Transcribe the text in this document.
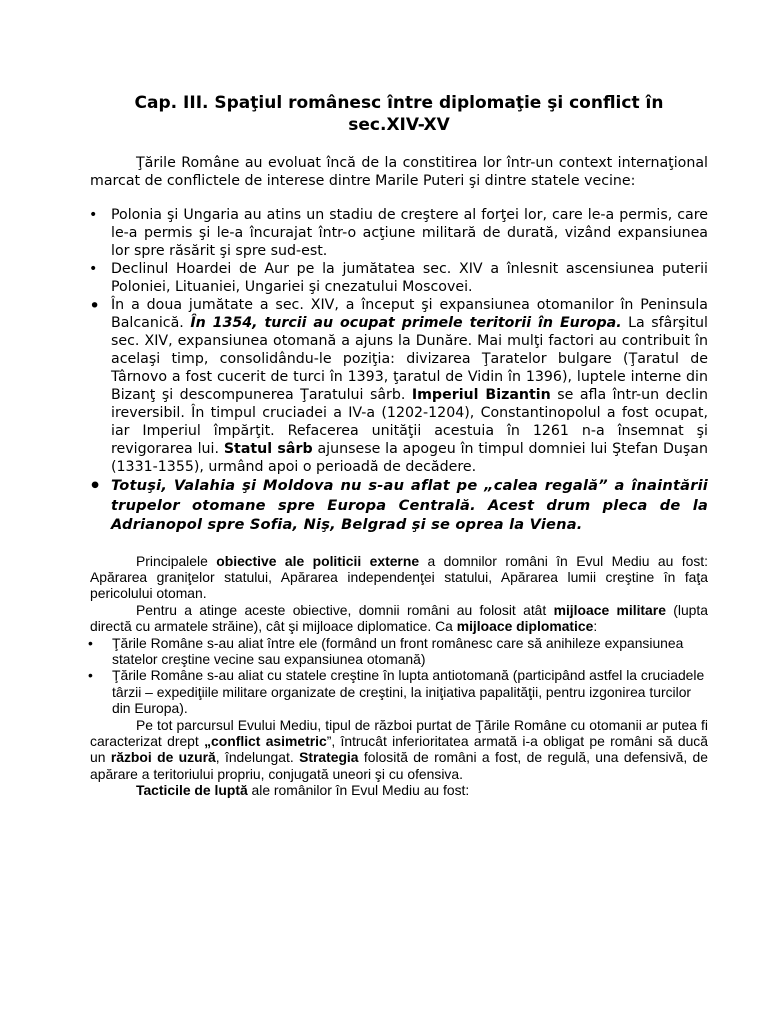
Cap. III. Spaţiul românesc între diplomaţie şi conflict în
sec.XIV-XV

Ţările Române au evoluat încă de la constitirea lor într-un context internaţional marcat de conflictele de interese dintre Marile Puteri şi dintre statele vecine:

• Polonia şi Ungaria au atins un stadiu de creştere al forţei lor, care le-a permis, care le-a permis şi le-a încurajat într-o acţiune militară de durată, vizând expansiunea lor spre răsărit şi spre sud-est.
• Declinul Hoardei de Aur pe la jumătatea sec. XIV a înlesnit ascensiunea puterii Poloniei, Lituaniei, Ungariei şi cnezatului Moscovei.
• În a doua jumătate a sec. XIV, a început şi expansiunea otomanilor în Peninsula Balcanică. În 1354, turcii au ocupat primele teritorii în Europa. La sfârşitul sec. XIV, expansiunea otomană a ajuns la Dunăre. Mai mulţi factori au contribuit în acelaşi timp, consolidându-le poziţia: divizarea Ţaratelor bulgare (Ţaratul de Târnovo a fost cucerit de turci în 1393, ţaratul de Vidin în 1396), luptele interne din Bizanţ şi descompunerea Ţaratului sârb. Imperiul Bizantin se afla într-un declin ireversibil. În timpul cruciadei a IV-a (1202-1204), Constantinopolul a fost ocupat, iar Imperiul împărţit. Refacerea unităţii acestuia în 1261 n-a însemnat şi revigorarea lui. Statul sârb ajunsese la apogeu în timpul domniei lui Ştefan Duşan (1331-1355), urmând apoi o perioadă de decădere.
• Totuşi, Valahia şi Moldova nu s-au aflat pe „calea regală” a înaintării trupelor otomane spre Europa Centrală. Acest drum pleca de la Adrianopol spre Sofia, Niş, Belgrad şi se oprea la Viena.

Principalele obiective ale politicii externe a domnilor români în Evul Mediu au fost: Apărarea graniţelor statului, Apărarea independenţei statului, Apărarea lumii creştine în faţa pericolului otoman.

Pentru a atinge aceste obiective, domnii români au folosit atât mijloace militare (lupta directă cu armatele străine), cât şi mijloace diplomatice. Ca mijloace diplomatice:

• Ţările Române s-au aliat între ele (formând un front românesc care să anihileze expansiunea statelor creştine vecine sau expansiunea otomană)
• Ţările Române s-au aliat cu statele creştine în lupta antiotomană (participând astfel la cruciadele târzii – expediţiile militare organizate de creştini, la iniţiativa papalităţii, pentru izgonirea turcilor din Europa).

Pe tot parcursul Evului Mediu, tipul de război purtat de Ţările Române cu otomanii ar putea fi caracterizat drept „conflict asimetric”, întrucât inferioritatea armată i-a obligat pe români să ducă un război de uzură, îndelungat. Strategia folosită de români a fost, de regulă, una defensivă, de apărare a teritoriului propriu, conjugată uneori şi cu ofensiva.

Tacticile de luptă ale românilor în Evul Mediu au fost:
